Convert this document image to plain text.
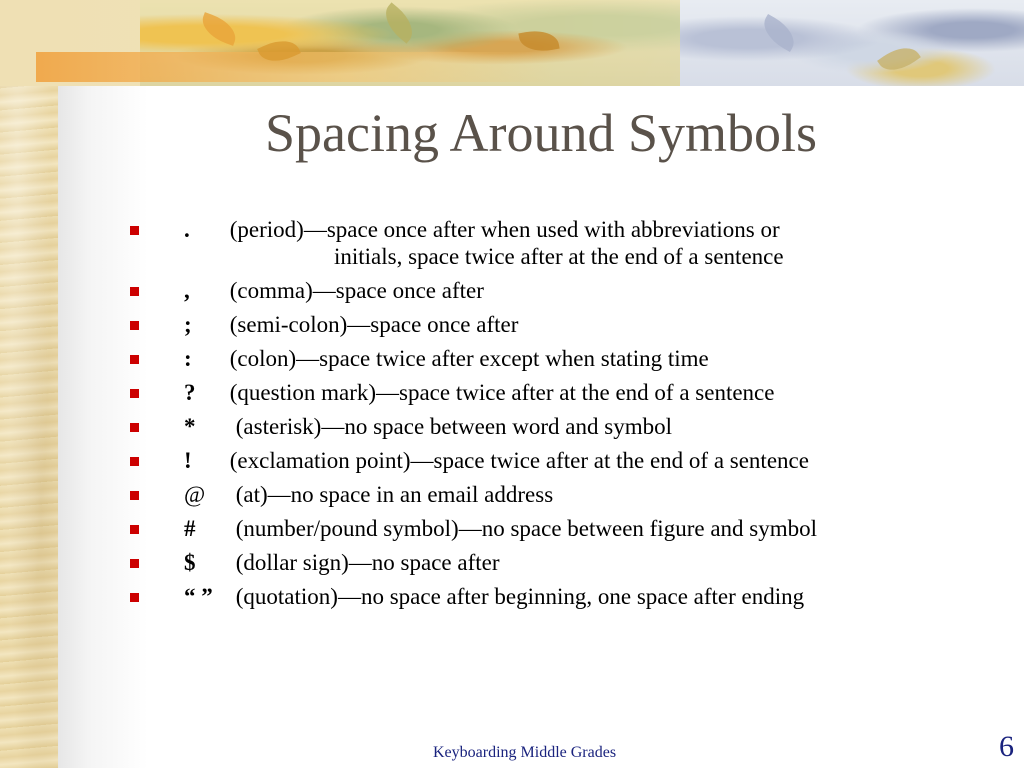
Spacing Around Symbols
. (period)—space once after when used with abbreviations or
initials, space twice after at the end of a sentence
, (comma)—space once after
; (semi-colon)—space once after
: (colon)—space twice after except when stating time
? (question mark)—space twice after at the end of a sentence
* (asterisk)—no space between word and symbol
! (exclamation point)—space twice after at the end of a sentence
@ (at)—no space in an email address
# (number/pound symbol)—no space between figure and symbol
$ (dollar sign)—no space after
“ ” (quotation)—no space after beginning, one space after ending
Keyboarding Middle Grades	6
